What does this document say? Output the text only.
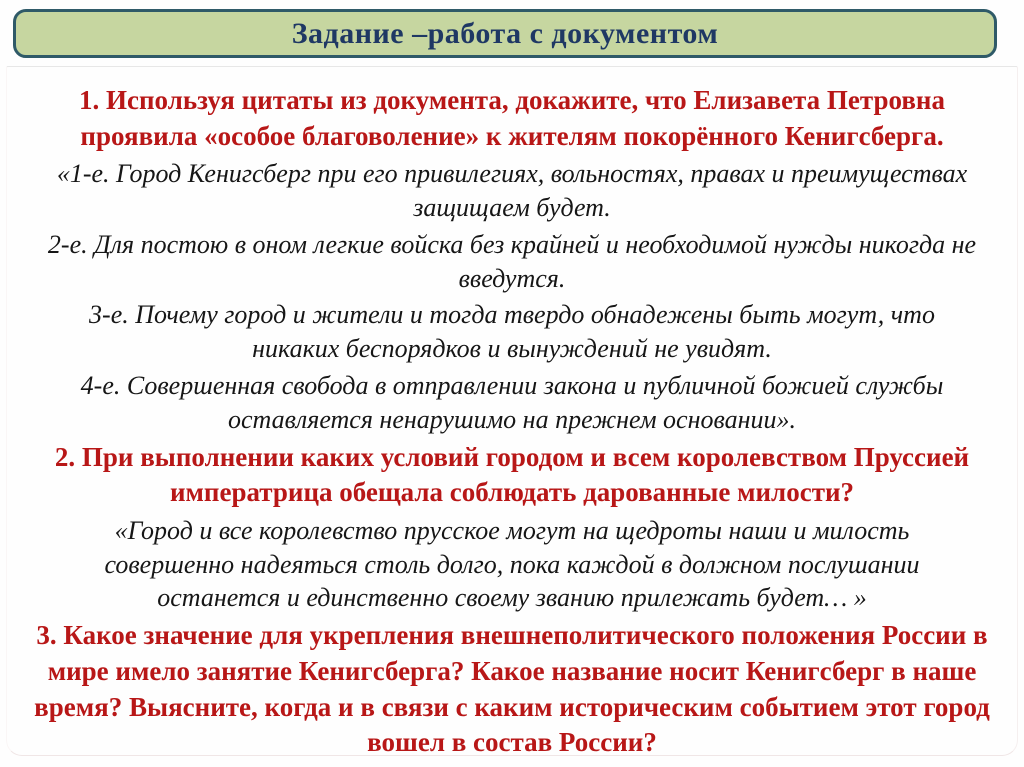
Задание –работа с документом

1. Используя цитаты из документа, докажите, что Елизавета Петровна проявила «особое благоволение» к жителям покорённого Кенигсберга.

«1-е. Город Кенигсберг при его привилегиях, вольностях, правах и преимуществах защищаем будет.

2-е. Для постою в оном легкие войска без крайней и необходимой нужды никогда не введутся.

3-е. Почему город и жители и тогда твердо обнадежены быть могут, что никаких беспорядков и вынуждений не увидят.

4-е. Совершенная свобода в отправлении закона и публичной божией службы оставляется ненарушимо на прежнем основании».

2. При выполнении каких условий городом и всем королевством Пруссией императрица обещала соблюдать дарованные милости?

«Город и все королевство прусское могут на щедроты наши и милость совершенно надеяться столь долго, пока каждой в должном послушании останется и единственно своему званию прилежать будет… »

3. Какое значение для укрепления внешнеполитического положения России в мире имело занятие Кенигсберга? Какое название носит Кенигсберг в наше время? Выясните, когда и в связи с каким историческим событием этот город вошел в состав России?
